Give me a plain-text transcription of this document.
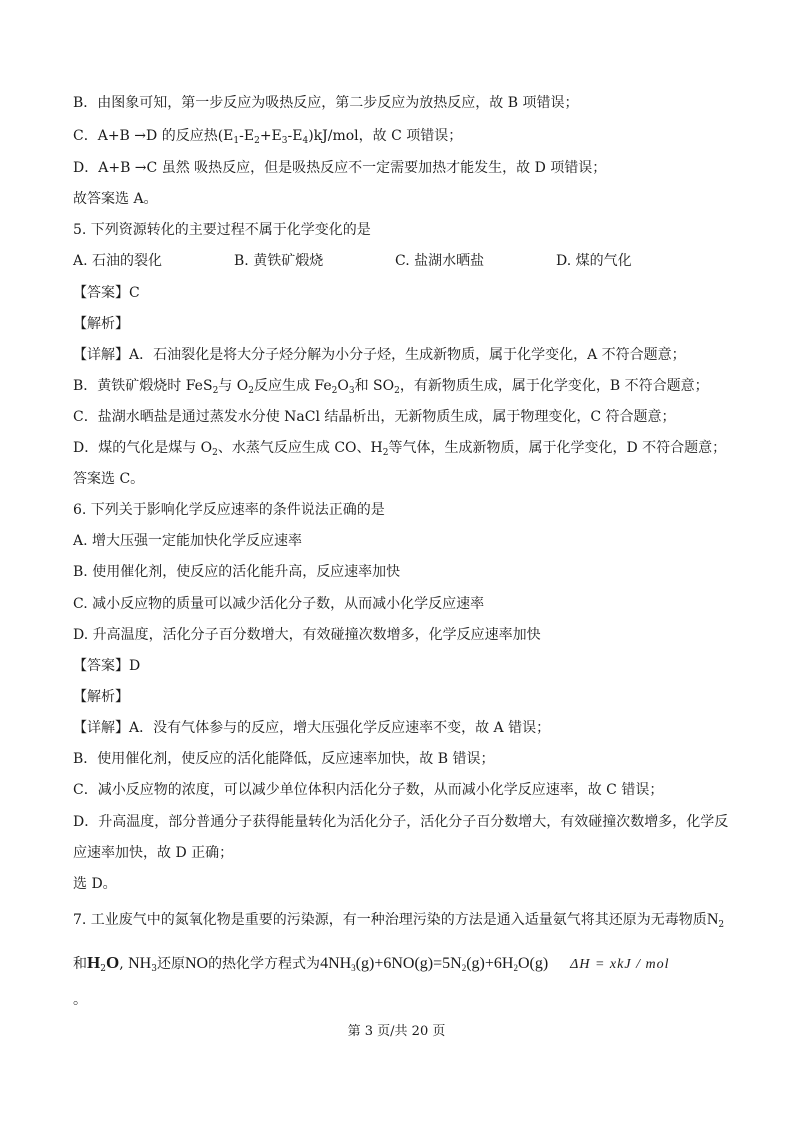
B．由图象可知，第一步反应为吸热反应，第二步反应为放热反应，故 B 项错误；
C．A+B →D 的反应热$(E_1-E_2+E_3-E_4)kJ$/mol，故 C 项错误；
D．A+B →C 虽然 吸热反应，但是吸热反应不一定需要加热才能发生，故 D 项错误；
故答案选 A。
5. 下列资源转化的主要过程不属于化学变化的是
A. 石油的裂化	B. 黄铁矿煅烧	C. 盐湖水晒盐	D. 煤的气化
【答案】C
【解析】
【详解】A．石油裂化是将大分子烃分解为小分子烃，生成新物质，属于化学变化，A 不符合题意；
B．黄铁矿煅烧时 FeS$_2$与 $O_2$反应生成 $Fe_2O_3$和 $SO_2$，有新物质生成，属于化学变化，B 不符合题意；
C．盐湖水晒盐是通过蒸发水分使 NaCl 结晶析出，无新物质生成，属于物理变化，C 符合题意；
D．煤的气化是煤与 $O_2$、水蒸气反应生成 CO、$H_2$等气体，生成新物质，属于化学变化，D 不符合题意；
答案选 C。
6. 下列关于影响化学反应速率的条件说法正确的是
A. 增大压强一定能加快化学反应速率
B. 使用催化剂，使反应的活化能升高，反应速率加快
C. 减小反应物的质量可以减少活化分子数，从而减小化学反应速率
D. 升高温度，活化分子百分数增大，有效碰撞次数增多，化学反应速率加快
【答案】D
【解析】
【详解】A．没有气体参与的反应，增大压强化学反应速率不变，故 A 错误；
B．使用催化剂，使反应的活化能降低，反应速率加快，故 B 错误；
C．减小反应物的浓度，可以减少单位体积内活化分子数，从而减小化学反应速率，故 C 错误；
D．升高温度，部分普通分子获得能量转化为活化分子，活化分子百分数增大，有效碰撞次数增多，化学反
应速率加快，故 D 正确；
选 D。
7. 工业废气中的氮氧化物是重要的污染源，有一种治理污染的方法是通入适量氨气将其还原为无毒物质$N_2$
和$H_2O$, $NH_3$还原NO的热化学方程式为$4NH_3(g)+6NO(g)=5N_2(g)+6H_2O(g) \Delta H$ = xkJ / mol
。
第 3 页/共 20 页
